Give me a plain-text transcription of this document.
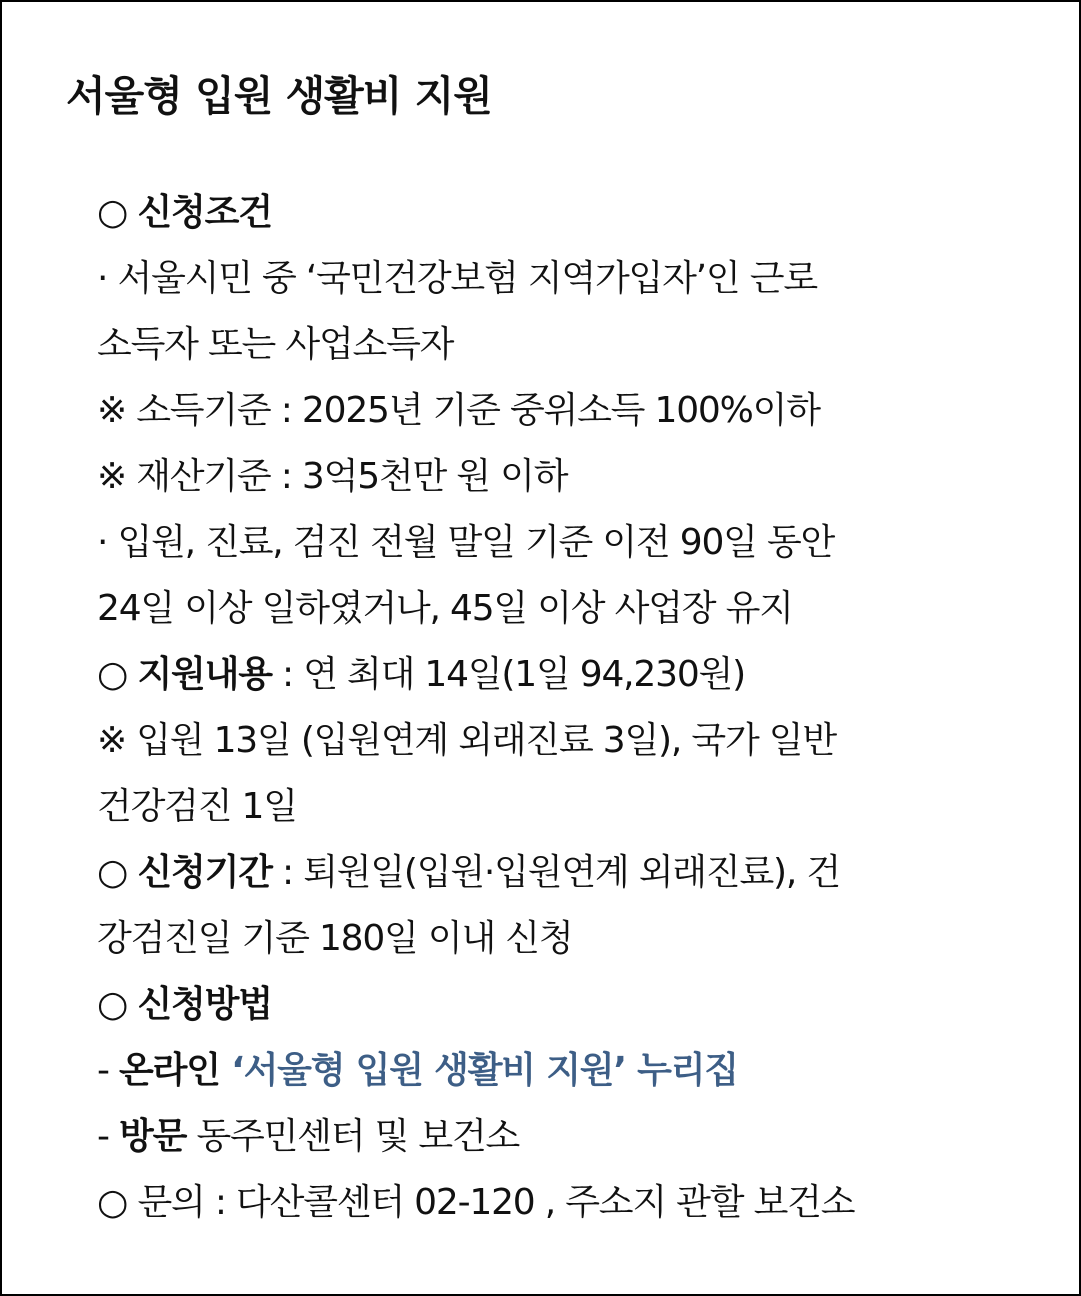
서울형 입원 생활비 지원
○ 신청조건
· 서울시민 중 ‘국민건강보험 지역가입자’인 근로
소득자 또는 사업소득자
※ 소득기준 : 2025년 기준 중위소득 100%이하
※ 재산기준 : 3억5천만 원 이하
· 입원, 진료, 검진 전월 말일 기준 이전 90일 동안
24일 이상 일하였거나, 45일 이상 사업장 유지
○ 지원내용 : 연 최대 14일(1일 94,230원)
※ 입원 13일 (입원연계 외래진료 3일), 국가 일반
건강검진 1일
○ 신청기간 : 퇴원일(입원·입원연계 외래진료), 건
강검진일 기준 180일 이내 신청
○ 신청방법
- 온라인 ‘서울형 입원 생활비 지원’ 누리집
- 방문 동주민센터 및 보건소
○ 문의 : 다산콜센터 02-120 , 주소지 관할 보건소
